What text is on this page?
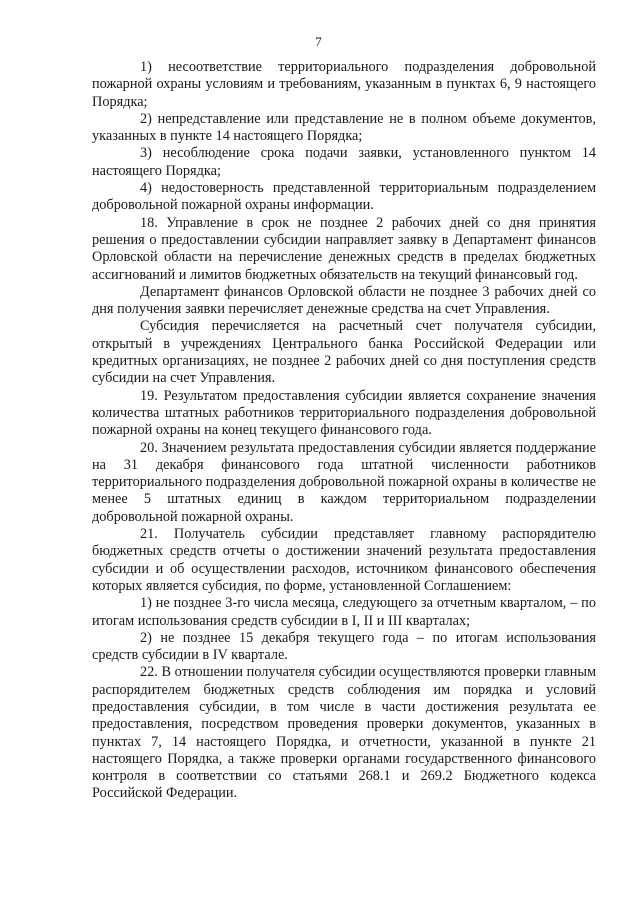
7

1) несоответствие территориального подразделения добровольной пожарной охраны условиям и требованиям, указанным в пунктах 6, 9 настоящего Порядка;

2) непредставление или представление не в полном объеме документов, указанных в пункте 14 настоящего Порядка;

3) несоблюдение срока подачи заявки, установленного пунктом 14 настоящего Порядка;

4) недостоверность представленной территориальным подразделением добровольной пожарной охраны информации.

18. Управление в срок не позднее 2 рабочих дней со дня принятия решения о предоставлении субсидии направляет заявку в Департамент финансов Орловской области на перечисление денежных средств в пределах бюджетных ассигнований и лимитов бюджетных обязательств на текущий финансовый год.

Департамент финансов Орловской области не позднее 3 рабочих дней со дня получения заявки перечисляет денежные средства на счет Управления.

Субсидия перечисляется на расчетный счет получателя субсидии, открытый в учреждениях Центрального банка Российской Федерации или кредитных организациях, не позднее 2 рабочих дней со дня поступления средств субсидии на счет Управления.

19. Результатом предоставления субсидии является сохранение значения количества штатных работников территориального подразделения добровольной пожарной охраны на конец текущего финансового года.

20. Значением результата предоставления субсидии является поддержание на 31 декабря финансового года штатной численности работников территориального подразделения добровольной пожарной охраны в количестве не менее 5 штатных единиц в каждом территориальном подразделении добровольной пожарной охраны.

21. Получатель субсидии представляет главному распорядителю бюджетных средств отчеты о достижении значений результата предоставления субсидии и об осуществлении расходов, источником финансового обеспечения которых является субсидия, по форме, установленной Соглашением:

1) не позднее 3-го числа месяца, следующего за отчетным кварталом, – по итогам использования средств субсидии в I, II и III кварталах;

2) не позднее 15 декабря текущего года – по итогам использования средств субсидии в IV квартале.

22. В отношении получателя субсидии осуществляются проверки главным распорядителем бюджетных средств соблюдения им порядка и условий предоставления субсидии, в том числе в части достижения результата ее предоставления, посредством проведения проверки документов, указанных в пунктах 7, 14 настоящего Порядка, и отчетности, указанной в пункте 21 настоящего Порядка, а также проверки органами государственного финансового контроля в соответствии со статьями 268.1 и 269.2 Бюджетного кодекса Российской Федерации.
